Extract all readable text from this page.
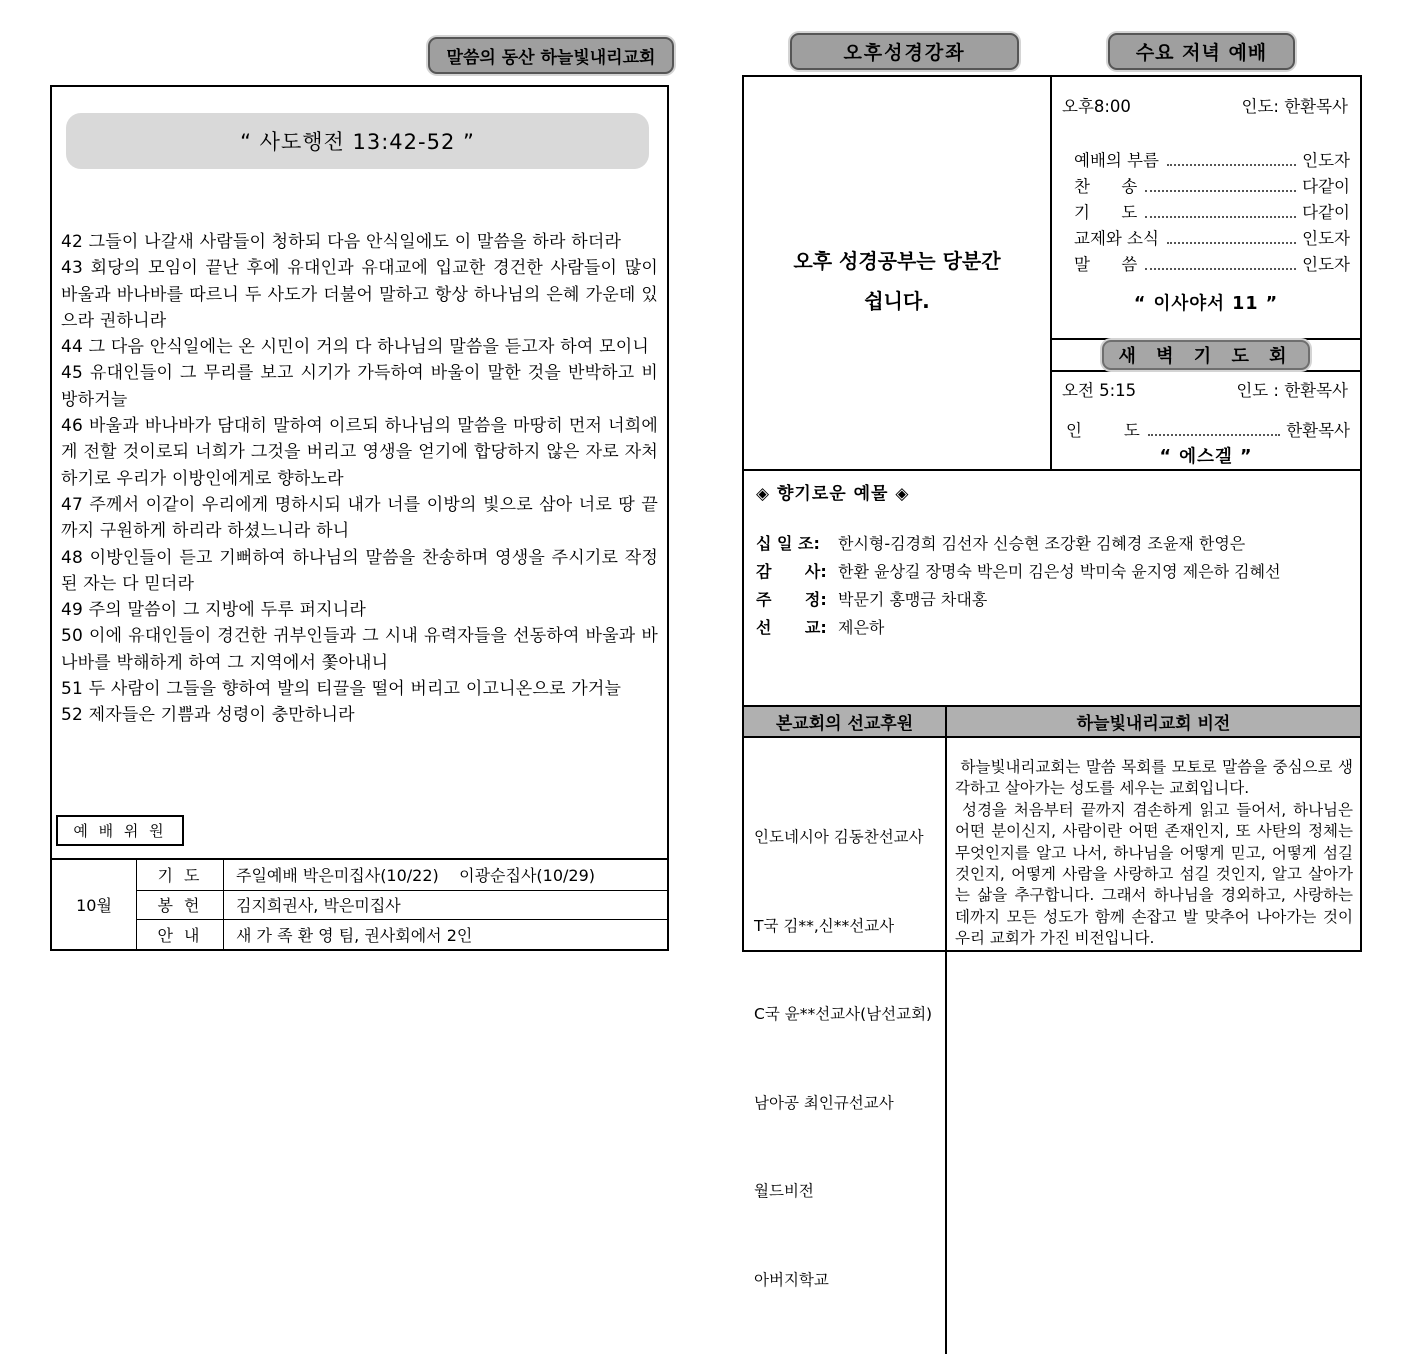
말씀의 동산 하늘빛내리교회	오후성경강좌	수요 저녁 예배
“ 사도행전 13:42-52 ”
42 그들이 나갈새 사람들이 청하되 다음 안식일에도 이 말씀을 하라 하더라
43 회당의 모임이 끝난 후에 유대인과 유대교에 입교한 경건한 사람들이 많이 바울과 바나바를 따르니 두 사도가 더불어 말하고 항상 하나님의 은혜 가운데 있으라 권하니라
44 그 다음 안식일에는 온 시민이 거의 다 하나님의 말씀을 듣고자 하여 모이니
45 유대인들이 그 무리를 보고 시기가 가득하여 바울이 말한 것을 반박하고 비방하거늘
46 바울과 바나바가 담대히 말하여 이르되 하나님의 말씀을 마땅히 먼저 너희에게 전할 것이로되 너희가 그것을 버리고 영생을 얻기에 합당하지 않은 자로 자처하기로 우리가 이방인에게로 향하노라
47 주께서 이같이 우리에게 명하시되 내가 너를 이방의 빛으로 삼아 너로 땅 끝까지 구원하게 하리라 하셨느니라 하니
48 이방인들이 듣고 기뻐하여 하나님의 말씀을 찬송하며 영생을 주시기로 작정된 자는 다 믿더라
49 주의 말씀이 그 지방에 두루 퍼지니라
50 이에 유대인들이 경건한 귀부인들과 그 시내 유력자들을 선동하여 바울과 바나바를 박해하게 하여 그 지역에서 쫓아내니
51 두 사람이 그들을 향하여 발의 티끌을 떨어 버리고 이고니온으로 가거늘
52 제자들은 기쁨과 성령이 충만하니라
예 배 위 원
10월
기 도	주일예배 박은미집사(10/22)    이광순집사(10/29)
봉 헌	김지희권사, 박은미집사
안 내	새 가 족 환 영 팀, 권사회에서 2인
오후 성경공부는 당분간
쉽니다.
오후8:00	인도: 한환목사
예배의 부름	인도자
찬      송	다같이
기      도	다같이
교제와 소식	인도자
말      씀	인도자
“ 이사야서 11 ”
새 벽 기 도 회
오전 5:15	인도 : 한환목사
인        도	한환목사
“ 에스겔 ”
◈ 향기로운 예물 ◈
십 일 조:	한시형-김경희 김선자 신승현 조강환 김혜경 조윤재 한영은
감      사: 한환 윤상길 장명숙 박은미 김은성 박미숙 윤지영 제은하 김혜선
주      정: 박문기 홍맹금 차대홍
선      교: 제은하
본교회의 선교후원	하늘빛내리교회 비전

인도네시아 김동찬선교사

T국 김**,신**선교사

C국 윤**선교사(남선교회)

남아공 최인규선교사

월드비전

아버지학교

하늘빛내리교회는 말씀 목회를 모토로 말씀을 중심으로 생각하고 살아가는 성도를 세우는 교회입니다.
성경을 처음부터 끝까지 겸손하게 읽고 들어서, 하나님은 어떤 분이신지, 사람이란 어떤 존재인지, 또 사탄의 정체는 무엇인지를 알고 나서, 하나님을 어떻게 믿고, 어떻게 섬길 것인지, 어떻게 사람을 사랑하고 섬길 것인지, 알고 살아가는 삶을 추구합니다. 그래서 하나님을 경외하고, 사랑하는 데까지 모든 성도가 함께 손잡고 발 맞추어 나아가는 것이 우리 교회가 가진 비전입니다.
